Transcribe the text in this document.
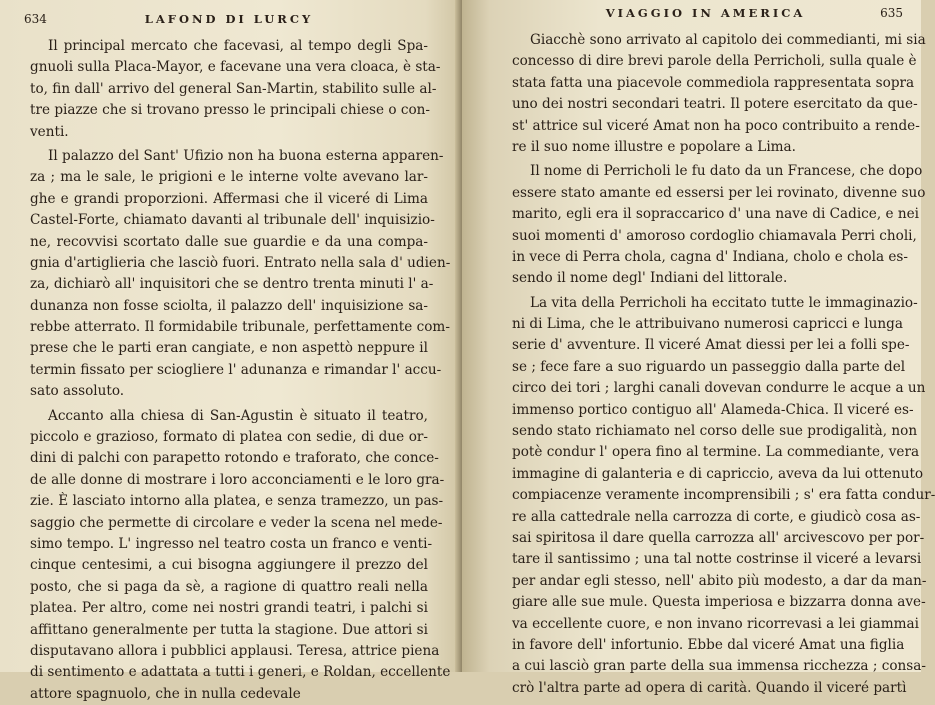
634	LAFOND DI LURCY
Il principal mercato che facevasi, al tempo degli Spa-
gnuoli sulla Placa-Mayor, e facevane una vera cloaca, è sta-
to, fin dall' arrivo del general San-Martin, stabilito sulle al-
tre piazze che si trovano presso le principali chiese o con-
venti.
Il palazzo del Sant' Ufizio non ha buona esterna apparen-
za ; ma le sale, le prigioni e le interne volte avevano lar-
ghe e grandi proporzioni. Affermasi che il viceré di Lima
Castel-Forte, chiamato davanti al tribunale dell' inquisizio-
ne, recovvisi scortato dalle sue guardie e da una compa-
gnia d'artiglieria che lasciò fuori. Entrato nella sala d' udien-
za, dichiarò all' inquisitori che se dentro trenta minuti l' a-
dunanza non fosse sciolta, il palazzo dell' inquisizione sa-
rebbe atterrato. Il formidabile tribunale, perfettamente com-
prese che le parti eran cangiate, e non aspettò neppure il
termin fissato per sciogliere l' adunanza e rimandar l' accu-
sato assoluto.
Accanto alla chiesa di San-Agustin è situato il teatro,
piccolo e grazioso, formato di platea con sedie, di due or-
dini di palchi con parapetto rotondo e traforato, che conce-
de alle donne di mostrare i loro acconciamenti e le loro gra-
zie. È lasciato intorno alla platea, e senza tramezzo, un pas-
saggio che permette di circolare e veder la scena nel mede-
simo tempo. L' ingresso nel teatro costa un franco e venti-
cinque centesimi, a cui bisogna aggiungere il prezzo del
posto, che si paga da sè, a ragione di quattro reali nella
platea. Per altro, come nei nostri grandi teatri, i palchi si
affittano generalmente per tutta la stagione. Due attori si
disputavano allora i pubblici applausi. Teresa, attrice piena
di sentimento e adattata a tutti i generi, e Roldan, eccellente
attore spagnuolo, che in nulla cedevale
VIAGGIO IN AMERICA	635
Giacchè sono arrivato al capitolo dei commedianti, mi sia
concesso di dire brevi parole della Perricholi, sulla quale è
stata fatta una piacevole commediola rappresentata sopra
uno dei nostri secondari teatri. Il potere esercitato da que-
st' attrice sul viceré Amat non ha poco contribuito a rende-
re il suo nome illustre e popolare a Lima.
Il nome di Perricholi le fu dato da un Francese, che dopo
essere stato amante ed essersi per lei rovinato, divenne suo
marito, egli era il sopraccarico d' una nave di Cadice, e nei
suoi momenti d' amoroso cordoglio chiamavala Perri choli,
in vece di Perra chola, cagna d' Indiana, cholo e chola es-
sendo il nome degl' Indiani del littorale.
La vita della Perricholi ha eccitato tutte le immaginazio-
ni di Lima, che le attribuivano numerosi capricci e lunga
serie d' avventure. Il viceré Amat diessi per lei a folli spe-
se ; fece fare a suo riguardo un passeggio dalla parte del
circo dei tori ; larghi canali dovevan condurre le acque a un
immenso portico contiguo all' Alameda-Chica. Il viceré es-
sendo stato richiamato nel corso delle sue prodigalità, non
potè condur l' opera fino al termine. La commediante, vera
immagine di galanteria e di capriccio, aveva da lui ottenuto
compiacenze veramente incomprensibili ; s' era fatta condur-
re alla cattedrale nella carrozza di corte, e giudicò cosa as-
sai spiritosa il dare quella carrozza all' arcivescovo per por-
tare il santissimo ; una tal notte costrinse il viceré a levarsi
per andar egli stesso, nell' abito più modesto, a dar da man-
giare alle sue mule. Questa imperiosa e bizzarra donna ave-
va eccellente cuore, e non invano ricorrevasi a lei giammai
in favore dell' infortunio. Ebbe dal viceré Amat una figlia
a cui lasciò gran parte della sua immensa ricchezza ; consa-
crò l'altra parte ad opera di carità. Quando il viceré partì
